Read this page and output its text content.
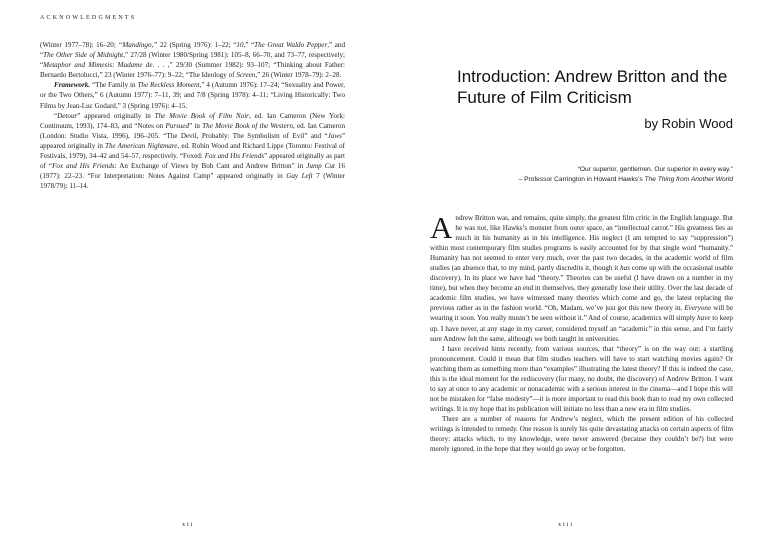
ACKNOWLEDGMENTS

(Winter 1977–78): 16–20; “Mandingo,” 22 (Spring 1976): 1–22; “10,” “The Great Waldo Pepper,” and “The Other Side of Midnight,” 27/28 (Winter 1980/Spring 1981): 105–8, 66–70, and 73–77, respectively; “Metaphor and Mimesis: Madame de. . . ,” 29/30 (Summer 1982): 93–107; “Thinking about Father: Bernardo Bertolucci,” 23 (Winter 1976–77): 9–22; “The Ideology of Screen,” 26 (Winter 1978–79): 2–28.

Framework. “The Family in The Reckless Moment,” 4 (Autumn 1976): 17–24; “Sexuality and Power, or the Two Others,” 6 (Autumn 1977): 7–11, 39; and 7/8 (Spring 1978): 4–11; “Living Historically: Two Films by Jean-Luc Godard,” 3 (Spring 1976): 4–15.

“Detour” appeared originally in The Movie Book of Film Noir, ed. Ian Cameron (New York: Continuum, 1993), 174–83, and “Notes on Pursued” in The Movie Book of the Western, ed. Ian Cameron (London: Studio Vista, 1996), 196–205. “The Devil, Probably: The Symbolism of Evil” and “Jaws” appeared originally in The American Nightmare, ed. Robin Wood and Richard Lippe (Toronto: Festival of Festivals, 1979), 34–42 and 54–57, respectively. “Foxed: Fox and His Friends” appeared originally as part of “Fox and His Friends: An Exchange of Views by Bob Cant and Andrew Britton” in Jump Cut 16 (1977): 22–23. “For Interpretation: Notes Against Camp” appeared originally in Gay Left 7 (Winter 1978/79): 11–14.

xii
Introduction: Andrew Britton and the Future of Film Criticism
by Robin Wood
“Our superior, gentlemen. Our superior in every way.”
– Professor Carrington in Howard Hawks’s The Thing from Another World

Andrew Britton was, and remains, quite simply, the greatest film critic in the English language. But he was not, like Hawks’s monster from outer space, an “intellectual carrot.” His greatness lies as much in his humanity as in his intelligence. His neglect (I am tempted to say “suppression”) within most contemporary film studies programs is easily accounted for by that single word “humanity.” Humanity has not seemed to enter very much, over the past two decades, in the academic world of film studies (an absence that, to my mind, partly discredits it, though it has come up with the occasional usable discovery). In its place we have had “theory.” Theories can be useful (I have drawn on a number in my time), but when they become an end in themselves, they generally lose their utility. Over the last decade of academic film studies, we have witnessed many theories which come and go, the latest replacing the previous rather as in the fashion world. “Oh, Madam, we’ve just got this new theory in. Everyone will be wearing it soon. You really mustn’t be seen without it.” And of course, academics will simply have to keep up. I have never, at any stage in my career, considered myself an “academic” in this sense, and I’m fairly sure Andrew felt the same, although we both taught in universities.

I have received hints recently, from various sources, that “theory” is on the way out: a startling pronouncement. Could it mean that film studies teachers will have to start watching movies again? Or watching them as something more than “examples” illustrating the latest theory? If this is indeed the case, this is the ideal moment for the rediscovery (for many, no doubt, the discovery) of Andrew Britton. I want to say at once to any academic or nonacademic with a serious interest in the cinema—and I hope this will not be mistaken for “false modesty”—it is more important to read this book than to read my own collected writings. It is my hope that its publication will initiate no less than a new era in film studies.

There are a number of reasons for Andrew’s neglect, which the present edition of his collected writings is intended to remedy. One reason is surely his quite devastating attacks on certain aspects of film theory: attacks which, to my knowledge, were never answered (because they couldn’t be?) but were merely ignored, in the hope that they would go away or be forgotten.

xiii
